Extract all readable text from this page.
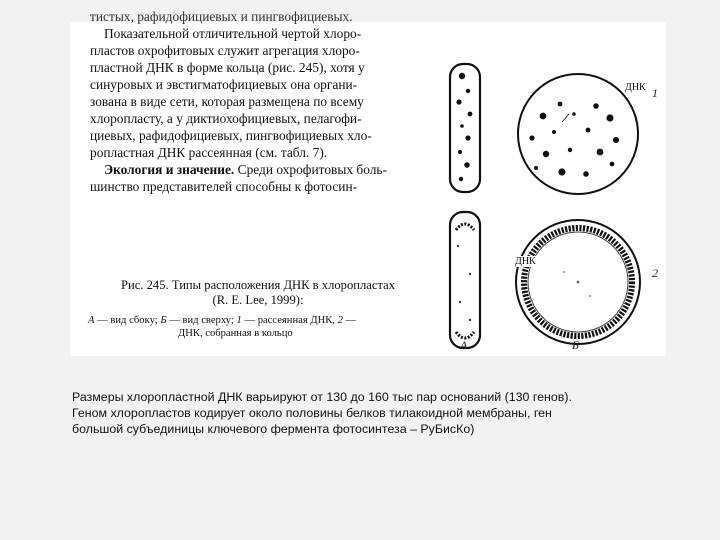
тистых, рафидофициевых и пингвофициевых.

Показательной отличительной чертой хлоро-

пластов охрофитовых служит агрегация хлоро-

пластной ДНК в форме кольца (рис. 245), хотя у

синуровых и эвстигматофициевых она органи-

зована в виде сети, которая размещена по всему

хлоропласту, а у диктиохофициевых, пелагофи-

циевых, рафидофициевых, пингвофициевых хло-

ропластная ДНК рассеянная (см. табл. 7).

Экология и значение. Среди охрофитовых боль-

шинство представителей способны к фотосин-

Рис. 245. Типы расположения ДНК в хлоропластах
(R. E. Lee, 1999):
А — вид сбоку; Б — вид сверху; 1 — рассеянная ДНК, 2 —
ДНК, собранная в кольцо
ДНК
ДНК
1
2
А	Б

Размеры хлоропластной ДНК варьируют от 130 до 160 тыс пар оснований (130 генов).

Геном хлоропластов кодирует около половины белков тилакоидной мембраны, ген

большой субъединицы ключевого фермента фотосинтеза – РуБисКо)
